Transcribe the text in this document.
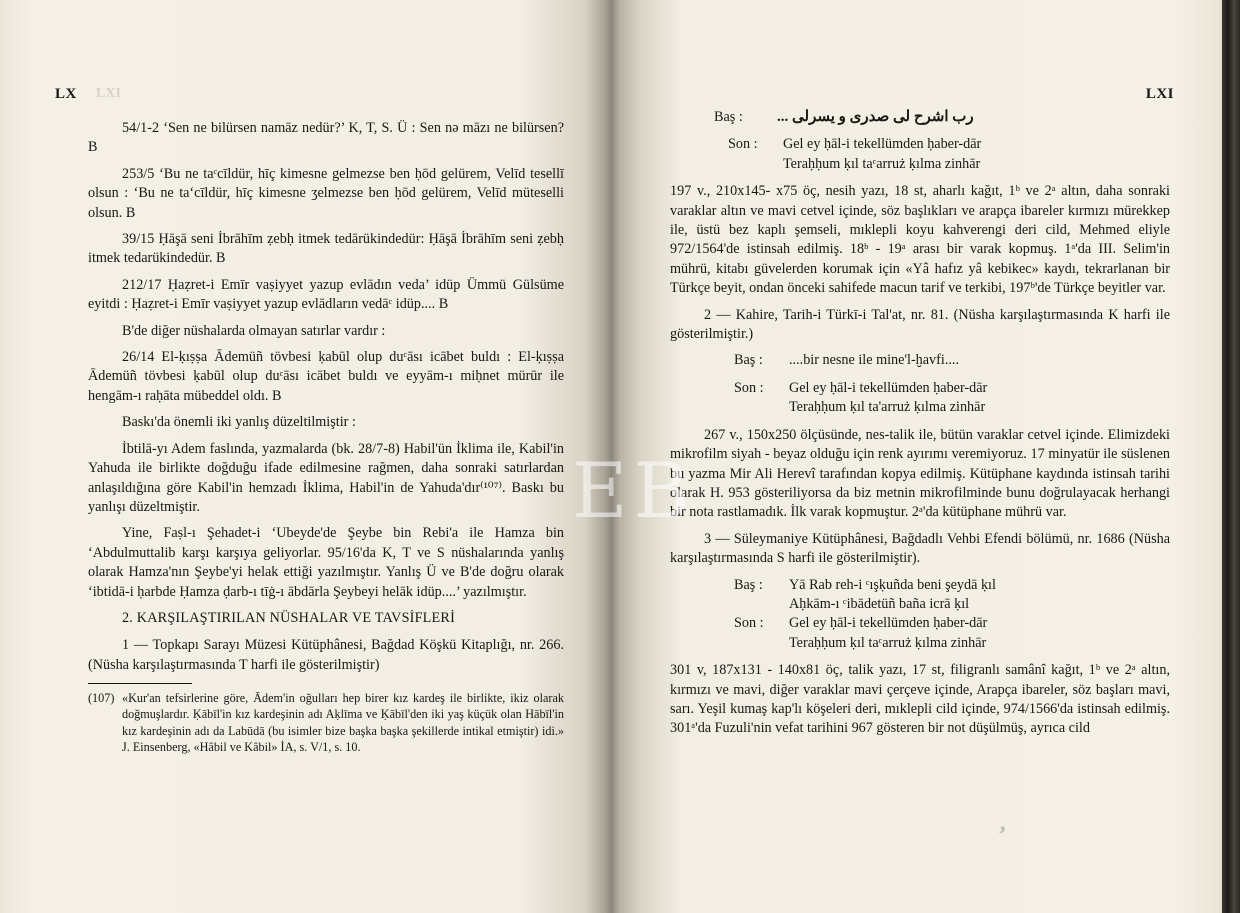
LXI
LX

54/1-2 ‘Sen ne bilürsen namāz nedür?’ K, T, S. Ü : Sen nə māzı ne bilürsen? B

253/5 ‘Bu ne taᶜcīldür, hīç kimesne gelmezse ben ḥōd gelürem, Velīd tesellī olsun : ‘Bu ne ta‘cīldür, hīç kimesne ʒelmezse ben ḥōd gelürem, Velīd müteselli olsun. B

39/15 Ḥāşā seni İbrāhīm ẓebḥ itmek tedārükindedür: Ḥāşā İbrāhīm seni ẓebḥ itmek tedarükindedür. B

212/17 Ḥaẓret-i Emīr vaṣiyyet yazup evlādın veda’ idüp Ümmü Gülsüme eyitdi : Ḥaẓret-i Emīr vaṣiyyet yazup evlādların vedāᶜ idüp.... B

B'de diğer nüshalarda olmayan satırlar vardır :

26/14 El-ḳıṣṣa Ādemüñ tövbesi ḳabūl olup duᶜāsı icābet buldı : El-ḳıṣṣa Ādemüñ tövbesi ḳabūl olup duᶜāsı icābet buldı ve eyyām-ı miḥnet mürūr ile hengām-ı raḥāta mübeddel oldı. B

Baskı'da önemli iki yanlış düzeltilmiştir :

İbtilā-yı Adem faslında, yazmalarda (bk. 28/7-8) Habil'ün İklima ile, Kabil'in Yahuda ile birlikte doğduğu ifade edilmesine rağmen, daha sonraki satırlardan anlaşıldığına göre Kabil'in hemzadı İklima, Habil'in de Yahuda'dır⁽¹⁰⁷⁾. Baskı bu yanlışı düzeltmiştir.

Yine, Faṣl-ı Şehadet-i ‘Ubeyde'de Şeybe bin Rebi'a ile Hamza bin ‘Abdulmuttalib karşı karşıya geliyorlar. 95/16'da K, T ve S nüshalarında yanlış olarak Hamza'nın Şeybe'yi helak ettiği yazılmıştır. Yanlış Ü ve B'de doğru olarak ‘ibtidā-i ḥarbde Ḥamza ḍarb-ı tīġ-ı ābdārla Şeybeyi helāk idüp....’ yazılmıştır.

2. KARŞILAŞTIRILAN NÜSHALAR VE TAVSİFLERİ

1 — Topkapı Sarayı Müzesi Kütüphânesi, Bağdad Köşkü Kitaplığı, nr. 266. (Nüsha karşılaştırmasında T harfi ile gösterilmiştir)

(107) «Kur'an tefsirlerine göre, Ādem'in oğulları hep birer kız kardeş ile birlikte, ikiz olarak doğmuşlardır. Ḳābīl'in kız kardeşinin adı Aḳlīma ve Ḳābīl'den iki yaş küçük olan Hābīl'in kız kardeşinin adı da Labūdā (bu isimler bize başka başka şekillerde intikal etmiştir) idi.» J. Einsenberg, «Hâbil ve Kâbil» İA, s. V/1, s. 10.
LXI
Baş :	رب اشرح لى صدرى و يسرلى ...
Son :	Gel ey ḥāl-i tekellümden ḥaber-dār
Teraḥḥum ḳıl taᶜarruż ḳılma zinhār

197 v., 210x145- x75 öç, nesih yazı, 18 st, aharlı kağıt, 1ᵇ ve 2ᵃ altın, daha sonraki varaklar altın ve mavi cetvel içinde, söz başlıkları ve arapça ibareler kırmızı mürekkep ile, üstü bez kaplı şemseli, mıklepli koyu kahverengi deri cild, Mehmed eliyle 972/1564'de istinsah edilmiş. 18ᵇ - 19ᵃ arası bir varak kopmuş. 1ᵃ'da III. Selim'in mührü, kitabı güvelerden korumak için «Yâ hafız yâ kebikec» kaydı, tekrarlanan bir Türkçe beyit, ondan önceki sahifede macun tarif ve terkibi, 197ᵇ'de Türkçe beyitler var.

2 — Kahire, Tarih-i Türkī-i Tal'at, nr. 81. (Nüsha karşılaştırmasında K harfi ile gösterilmiştir.)

Baş :	....bir nesne ile mine'l-ḫavfi....
Son :	Gel ey ḥāl-i tekellümden ḥaber-dār
Teraḥḥum ḳıl ta'arruż ḳılma zinhār

267 v., 150x250 ölçüsünde, nes-talik ile, bütün varaklar cetvel içinde. Elimizdeki mikrofilm siyah - beyaz olduğu için renk ayırımı veremiyoruz. 17 minyatür ile süslenen bu yazma Mir Ali Herevî tarafından kopya edilmiş. Kütüphane kaydında istinsah tarihi olarak H. 953 gösteriliyorsa da biz metnin mikrofilminde bunu doğrulayacak herhangi bir nota rastlamadık. İlk varak kopmuştur. 2ᵃ'da kütüphane mührü var.

3 — Süleymaniye Kütüphânesi, Bağdadlı Vehbi Efendi bölümü, nr. 1686 (Nüsha karşılaştırmasında S harfi ile gösterilmiştir).

Baş :	Yā Rab reh-i ᶜışḳuñda beni şeydā ḳıl
Aḥkām-ı ᶜibādetüñ baña icrā ḳıl
Son :	Gel ey ḥāl-i tekellümden ḥaber-dār
Teraḥḥum ḳıl taᶜarruż ḳılma zinhār

301 v, 187x131 - 140x81 öç, talik yazı, 17 st, filigranlı samânî kağıt, 1ᵇ ve 2ᵃ altın, kırmızı ve mavi, diğer varaklar mavi çerçeve içinde, Arapça ibareler, söz başları mavi, sarı. Yeşil kumaş kap'lı köşeleri deri, mıklepli cild içinde, 974/1566'da istinsah edilmiş. 301ᵃ'da Fuzuli'nin vefat tarihini 967 gösteren bir not düşülmüş, ayrıca cild

ﻭ
EB
